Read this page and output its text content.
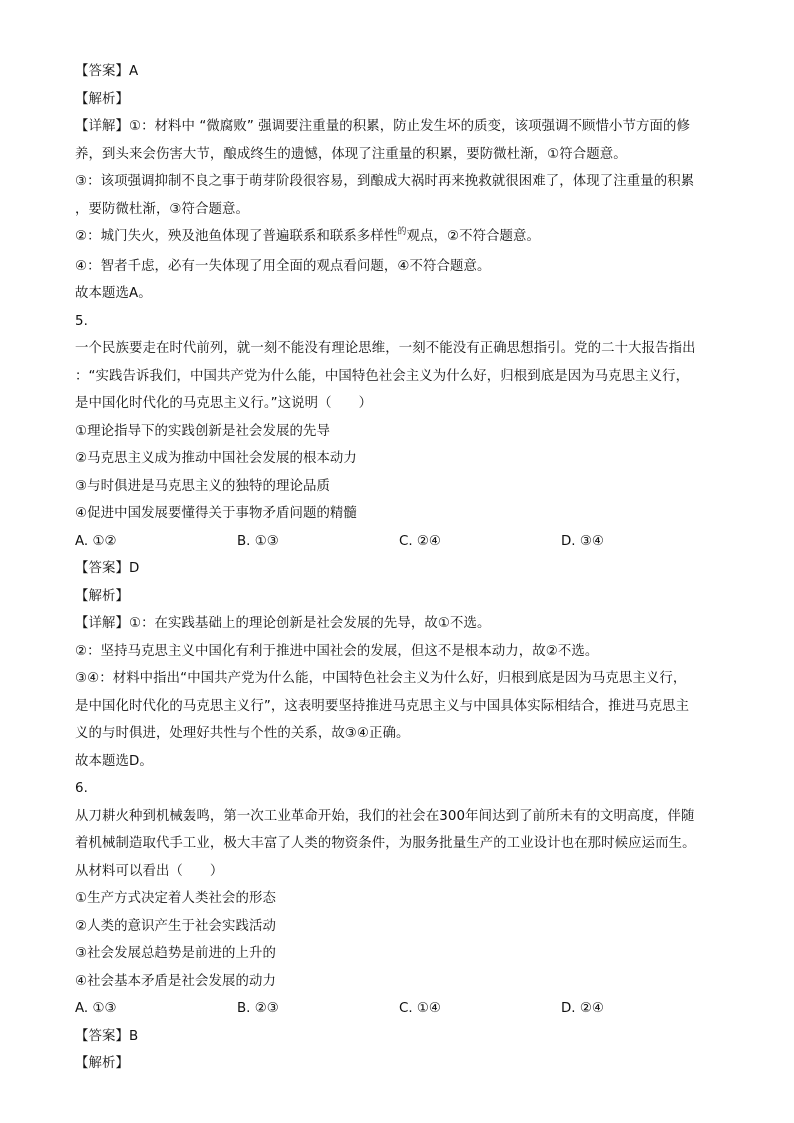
【答案】A
【解析】
【详解】①：材料中 “微腐败” 强调要注重量的积累，防止发生坏的质变，该项强调不顾惜小节方面的修
养，到头来会伤害大节，酿成终生的遗憾，体现了注重量的积累，要防微杜渐，①符合题意。
③：该项强调抑制不良之事于萌芽阶段很容易，到酿成大祸时再来挽救就很困难了，体现了注重量的积累
，要防微杜渐，③符合题意。
②：城门失火，殃及池鱼体现了普遍联系和联系多样性$^的$观点，②不符合题意。
④：智者千虑，必有一失体现了用全面的观点看问题，④不符合题意。
故本题选A。
5.
一个民族要走在时代前列，就一刻不能没有理论思维，一刻不能没有正确思想指引。党的二十大报告指出
：“实践告诉我们，中国共产党为什么能，中国特色社会主义为什么好，归根到底是因为马克思主义行，
是中国化时代化的马克思主义行。”这说明（　　）
①理论指导下的实践创新是社会发展的先导
②马克思主义成为推动中国社会发展的根本动力
③与时俱进是马克思主义的独特的理论品质
④促进中国发展要懂得关于事物矛盾问题的精髓
A. ①②	B. ①③	C. ②④	D. ③④
【答案】D
【解析】
【详解】①：在实践基础上的理论创新是社会发展的先导，故①不选。
②：坚持马克思主义中国化有利于推进中国社会的发展，但这不是根本动力，故②不选。
③④：材料中指出“中国共产党为什么能，中国特色社会主义为什么好，归根到底是因为马克思主义行，
是中国化时代化的马克思主义行”，这表明要坚持推进马克思主义与中国具体实际相结合，推进马克思主
义的与时俱进，处理好共性与个性的关系，故③④正确。
故本题选D。
6.
从刀耕火种到机械轰鸣，第一次工业革命开始，我们的社会在300年间达到了前所未有的文明高度，伴随
着机械制造取代手工业，极大丰富了人类的物资条件，为服务批量生产的工业设计也在那时候应运而生。
从材料可以看出（　　）
①生产方式决定着人类社会的形态
②人类的意识产生于社会实践活动
③社会发展总趋势是前进的上升的
④社会基本矛盾是社会发展的动力
A. ①③	B. ②③	C. ①④	D. ②④
【答案】B
【解析】
